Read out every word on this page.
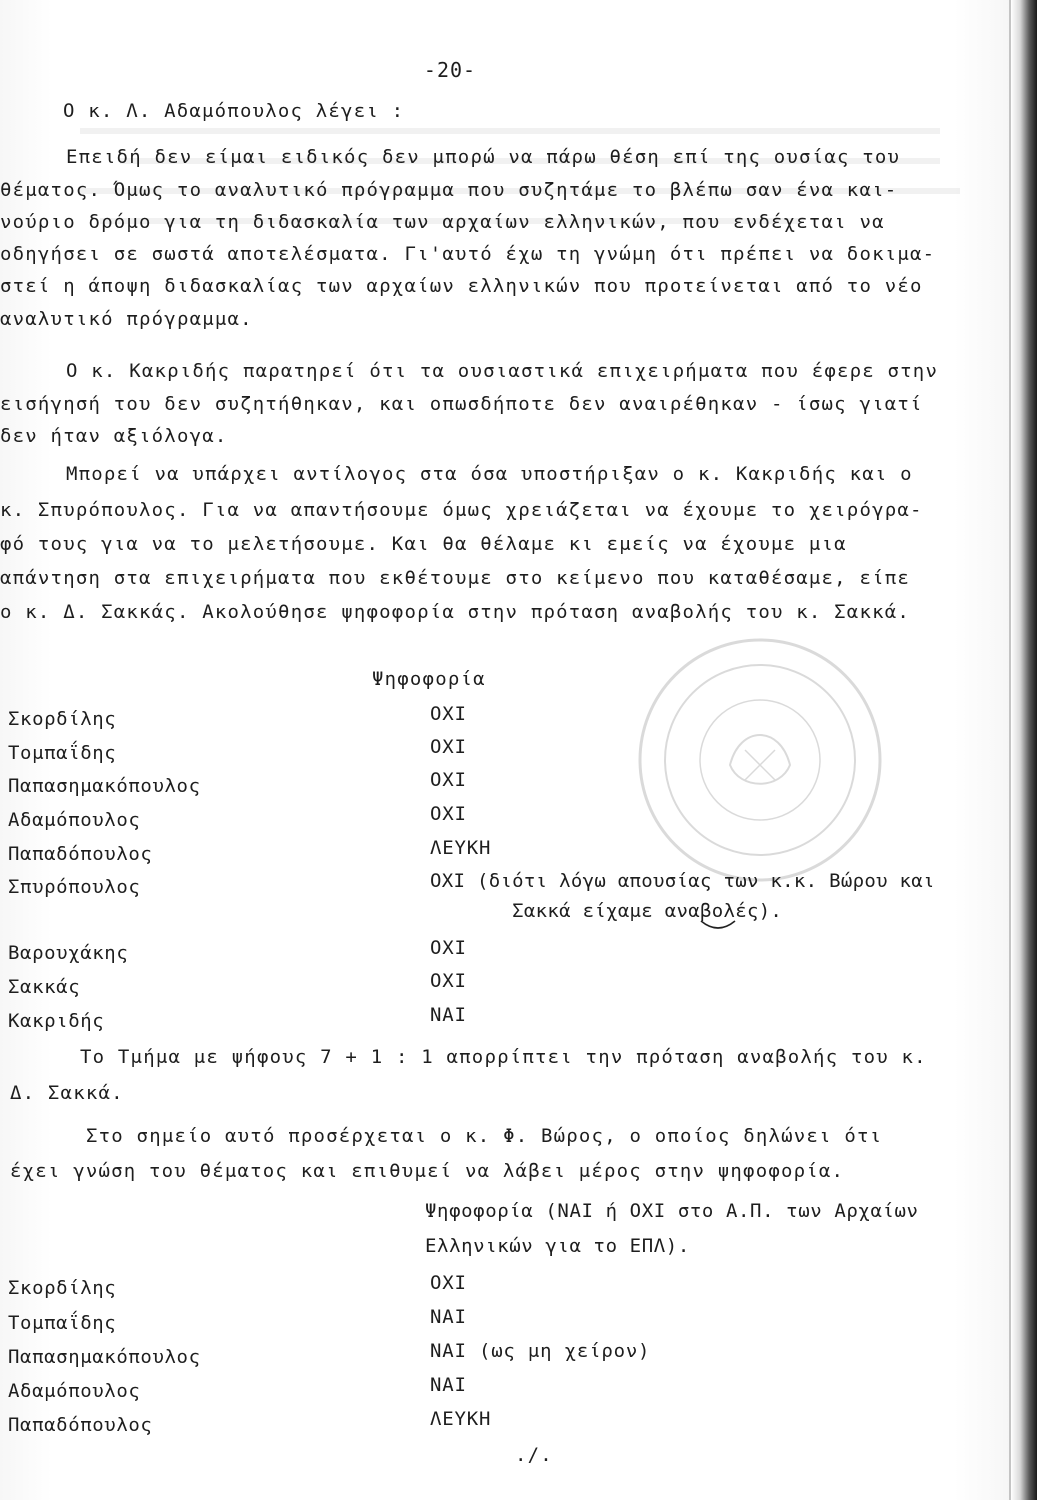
-20-
Ο κ. Λ. Αδαμόπουλος λέγει :
Επειδή δεν είμαι ειδικός δεν μπορώ να πάρω θέση επί της ουσίας του
θέματος. Όμως το αναλυτικό πρόγραμμα που συζητάμε το βλέπω σαν ένα και-
νούριο δρόμο για τη διδασκαλία των αρχαίων ελληνικών, που ενδέχεται να
οδηγήσει σε σωστά αποτελέσματα. Γι'αυτό έχω τη γνώμη ότι πρέπει να δοκιμα-
στεί η άποψη διδασκαλίας των αρχαίων ελληνικών που προτείνεται από το νέο
αναλυτικό πρόγραμμα.
Ο κ. Κακριδής παρατηρεί ότι τα ουσιαστικά επιχειρήματα που έφερε στην
εισήγησή του δεν συζητήθηκαν, και οπωσδήποτε δεν αναιρέθηκαν - ίσως γιατί
δεν ήταν αξιόλογα.
Μπορεί να υπάρχει αντίλογος στα όσα υποστήριξαν ο κ. Κακριδής και ο
κ. Σπυρόπουλος. Για να απαντήσουμε όμως χρειάζεται να έχουμε το χειρόγρα-
φό τους για να το μελετήσουμε. Και θα θέλαμε κι εμείς να έχουμε μια
απάντηση στα επιχειρήματα που εκθέτουμε στο κείμενο που καταθέσαμε, είπε
ο κ. Δ. Σακκάς. Ακολούθησε ψηφοφορία στην πρόταση αναβολής του κ. Σακκά.
Ψηφοφορία
Σκορδίλης	ΟΧΙ
Τομπαΐδης	ΟΧΙ
Παπασημακόπουλος	ΟΧΙ
Αδαμόπουλος	ΟΧΙ
Παπαδόπουλος	ΛΕΥΚΗ
Σπυρόπουλος	ΟΧΙ (διότι λόγω απουσίας των κ.κ. Βώρου και
Σακκά είχαμε αναβολές).
Βαρουχάκης	ΟΧΙ
Σακκάς	ΟΧΙ
Κακριδής	ΝΑΙ
Το Τμήμα με ψήφους 7 + 1 : 1 απορρίπτει την πρόταση αναβολής του κ.
Δ. Σακκά.
Στο σημείο αυτό προσέρχεται ο κ. Φ. Βώρος, ο οποίος δηλώνει ότι
έχει γνώση του θέματος και επιθυμεί να λάβει μέρος στην ψηφοφορία.
Ψηφοφορία (ΝΑΙ ή ΟΧΙ στο Α.Π. των Αρχαίων
Ελληνικών για το ΕΠΛ).
Σκορδίλης	ΟΧΙ
Τομπαΐδης	ΝΑΙ
Παπασημακόπουλος	ΝΑΙ (ως μη χείρον)
Αδαμόπουλος	ΝΑΙ
Παπαδόπουλος	ΛΕΥΚΗ
./.
